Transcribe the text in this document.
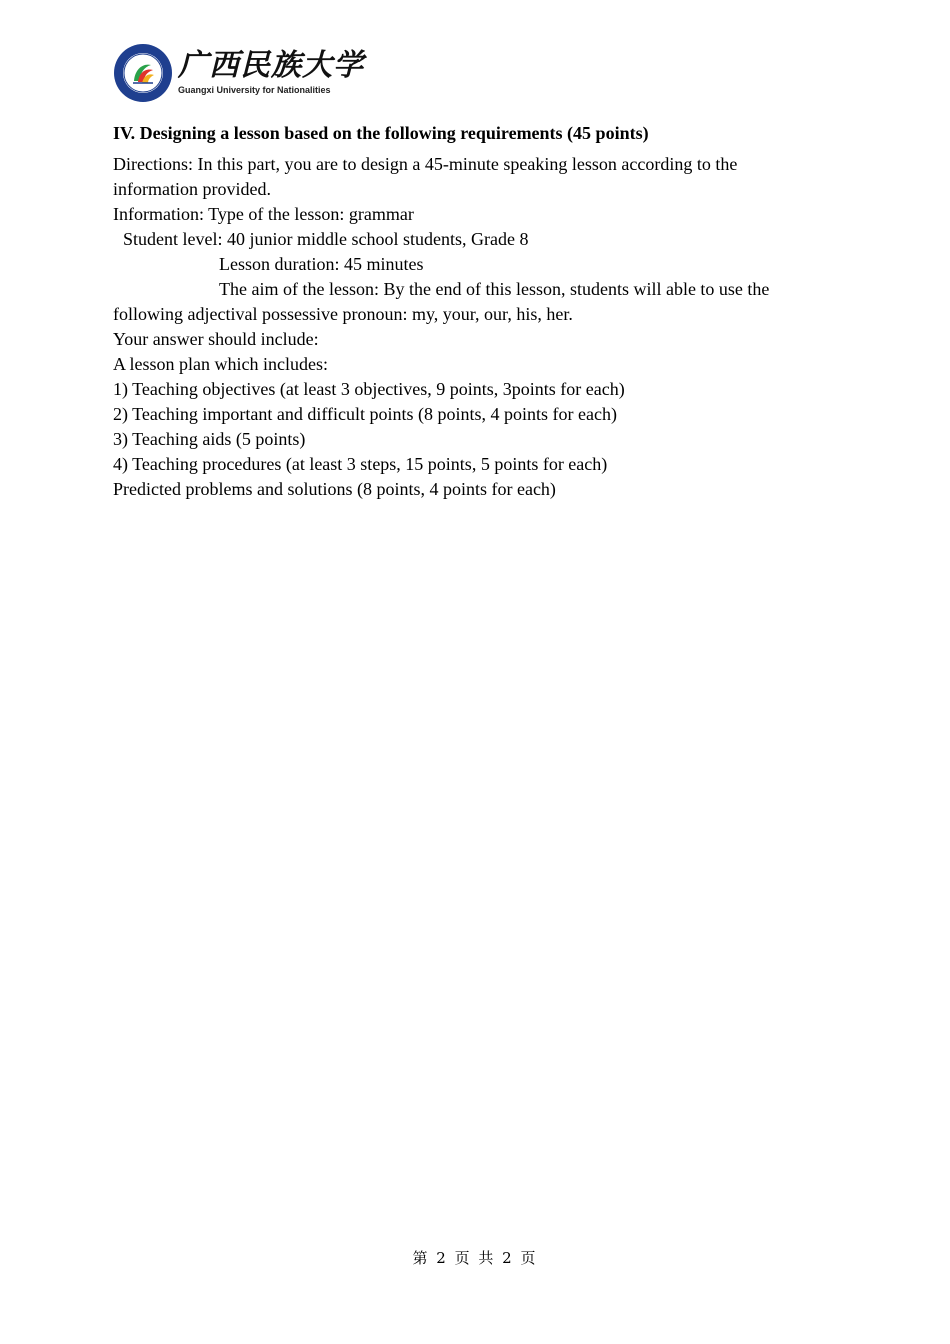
广西民族大学
Guangxi University for Nationalities

IV. Designing a lesson based on the following requirements (45 points)

Directions: In this part, you are to design a 45-minute speaking lesson according to the information provided.

Information: Type of the lesson: grammar

Student level: 40 junior middle school students, Grade 8

Lesson duration: 45 minutes

The aim of the lesson: By the end of this lesson, students will able to use the following adjectival possessive pronoun: my, your, our, his, her.

Your answer should include:

A lesson plan which includes:

1) Teaching objectives (at least 3 objectives, 9 points, 3points for each)

2) Teaching important and difficult points (8 points, 4 points for each)

3) Teaching aids (5 points)

4) Teaching procedures (at least 3 steps, 15 points, 5 points for each)

Predicted problems and solutions (8 points, 4 points for each)

第 2 页 共 2 页
